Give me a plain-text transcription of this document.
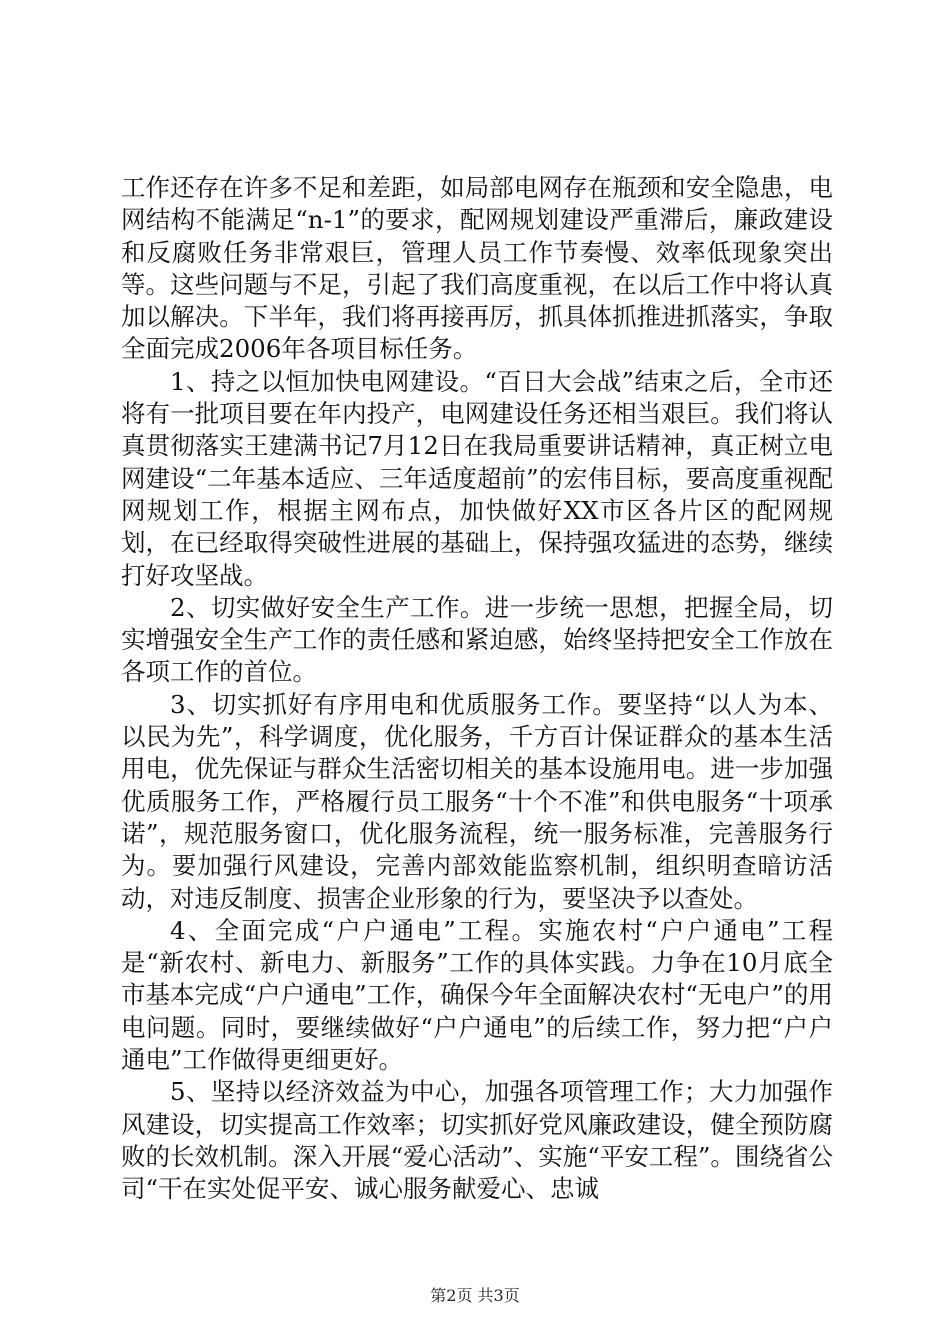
工作还存在许多不足和差距，如局部电网存在瓶颈和安全隐患，电网结构不能满足“n-1”的要求，配网规划建设严重滞后，廉政建设和反腐败任务非常艰巨，管理人员工作节奏慢、效率低现象突出等。这些问题与不足，引起了我们高度重视，在以后工作中将认真加以解决。下半年，我们将再接再厉，抓具体抓推进抓落实，争取全面完成2006年各项目标任务。

1、持之以恒加快电网建设。“百日大会战”结束之后，全市还将有一批项目要在年内投产，电网建设任务还相当艰巨。我们将认真贯彻落实王建满书记7月12日在我局重要讲话精神，真正树立电网建设“二年基本适应、三年适度超前”的宏伟目标，要高度重视配网规划工作，根据主网布点，加快做好XX市区各片区的配网规划，在已经取得突破性进展的基础上，保持强攻猛进的态势，继续打好攻坚战。

2、切实做好安全生产工作。进一步统一思想，把握全局，切实增强安全生产工作的责任感和紧迫感，始终坚持把安全工作放在各项工作的首位。

3、切实抓好有序用电和优质服务工作。要坚持“以人为本、以民为先”，科学调度，优化服务，千方百计保证群众的基本生活用电，优先保证与群众生活密切相关的基本设施用电。进一步加强优质服务工作，严格履行员工服务“十个不准”和供电服务“十项承诺”，规范服务窗口，优化服务流程，统一服务标准，完善服务行为。要加强行风建设，完善内部效能监察机制，组织明查暗访活动，对违反制度、损害企业形象的行为，要坚决予以查处。

4、全面完成“户户通电”工程。实施农村“户户通电”工程是“新农村、新电力、新服务”工作的具体实践。力争在10月底全市基本完成“户户通电”工作，确保今年全面解决农村“无电户”的用电问题。同时，要继续做好“户户通电”的后续工作，努力把“户户通电”工作做得更细更好。

5、坚持以经济效益为中心，加强各项管理工作；大力加强作风建设，切实提高工作效率；切实抓好党风廉政建设，健全预防腐败的长效机制。深入开展“爱心活动”、实施“平安工程”。围绕省公司“干在实处促平安、诚心服务献爱心、忠诚

第2页 共3页
